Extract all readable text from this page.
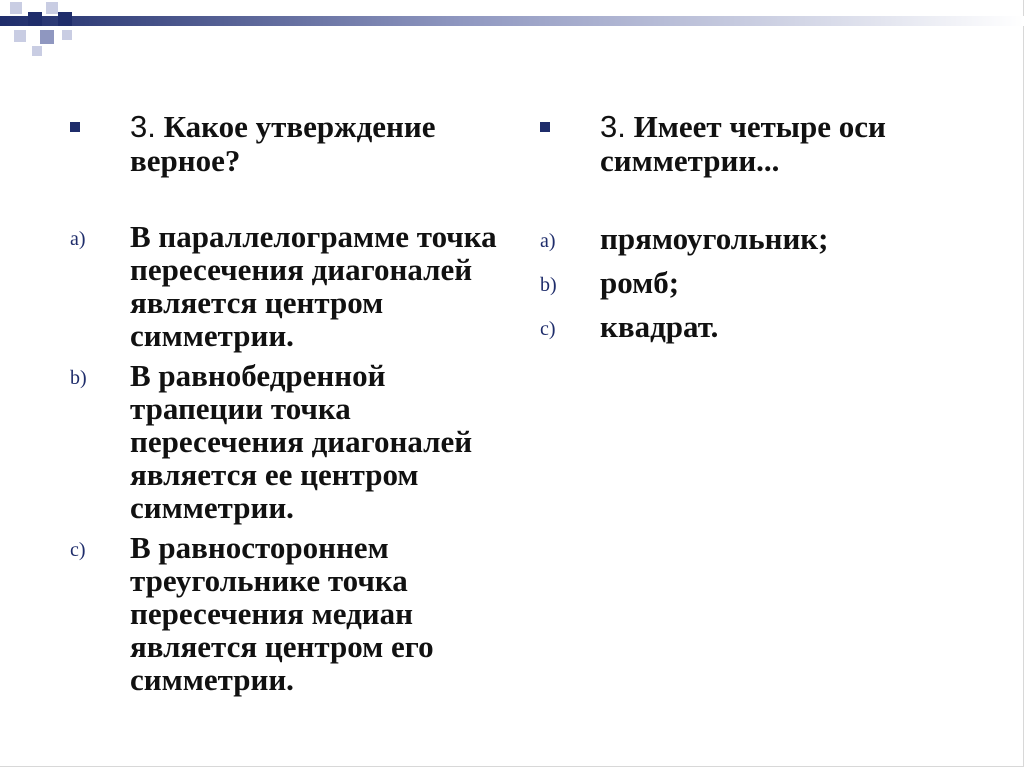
3. Какое утверждение верное?
a) В параллелограмме точка пересечения диагоналей является центром симметрии.
b) В равнобедренной трапеции точка пересечения диагоналей является ее центром симметрии.
c) В равностороннем треугольнике точка пересечения медиан является центром его симметрии.
3. Имеет четыре оси симметрии...
a) прямоугольник;
b) ромб;
c) квадрат.
